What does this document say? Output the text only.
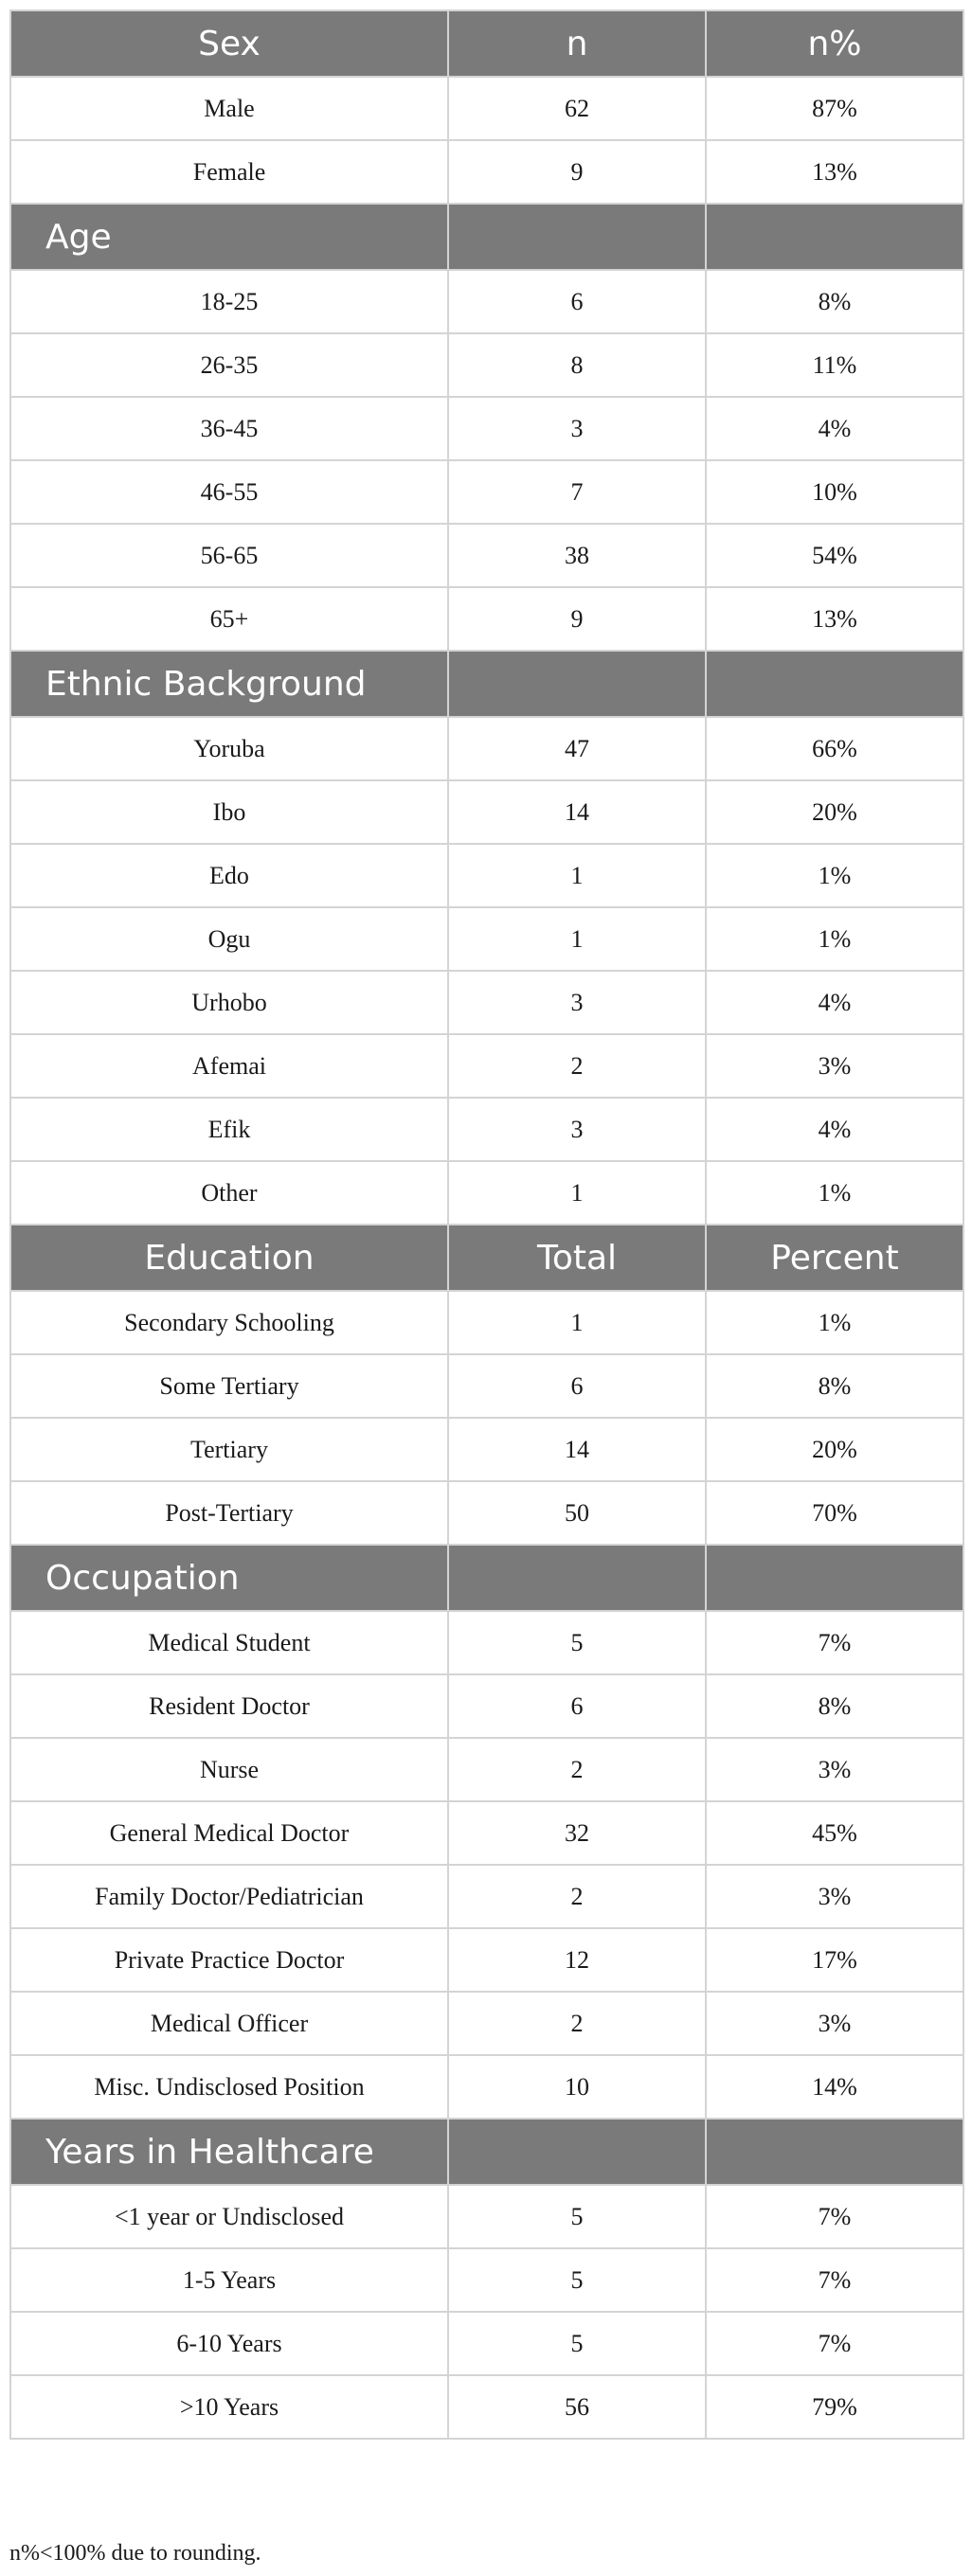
Sex	n	n%
Male	62	87%
Female	9	13%
Age		
18-25	6	8%
26-35	8	11%
36-45	3	4%
46-55	7	10%
56-65	38	54%
65+	9	13%
Ethnic Background		
Yoruba	47	66%
Ibo	14	20%
Edo	1	1%
Ogu	1	1%
Urhobo	3	4%
Afemai	2	3%
Efik	3	4%
Other	1	1%
Education	Total	Percent
Secondary Schooling	1	1%
Some Tertiary	6	8%
Tertiary	14	20%
Post-Tertiary	50	70%
Occupation		
Medical Student	5	7%
Resident Doctor	6	8%
Nurse	2	3%
General Medical Doctor	32	45%
Family Doctor/Pediatrician	2	3%
Private Practice Doctor	12	17%
Medical Officer	2	3%
Misc. Undisclosed Position	10	14%
Years in Healthcare		
<1 year or Undisclosed	5	7%
1-5 Years	5	7%
6-10 Years	5	7%
>10 Years	56	79%
n%<100% due to rounding.
